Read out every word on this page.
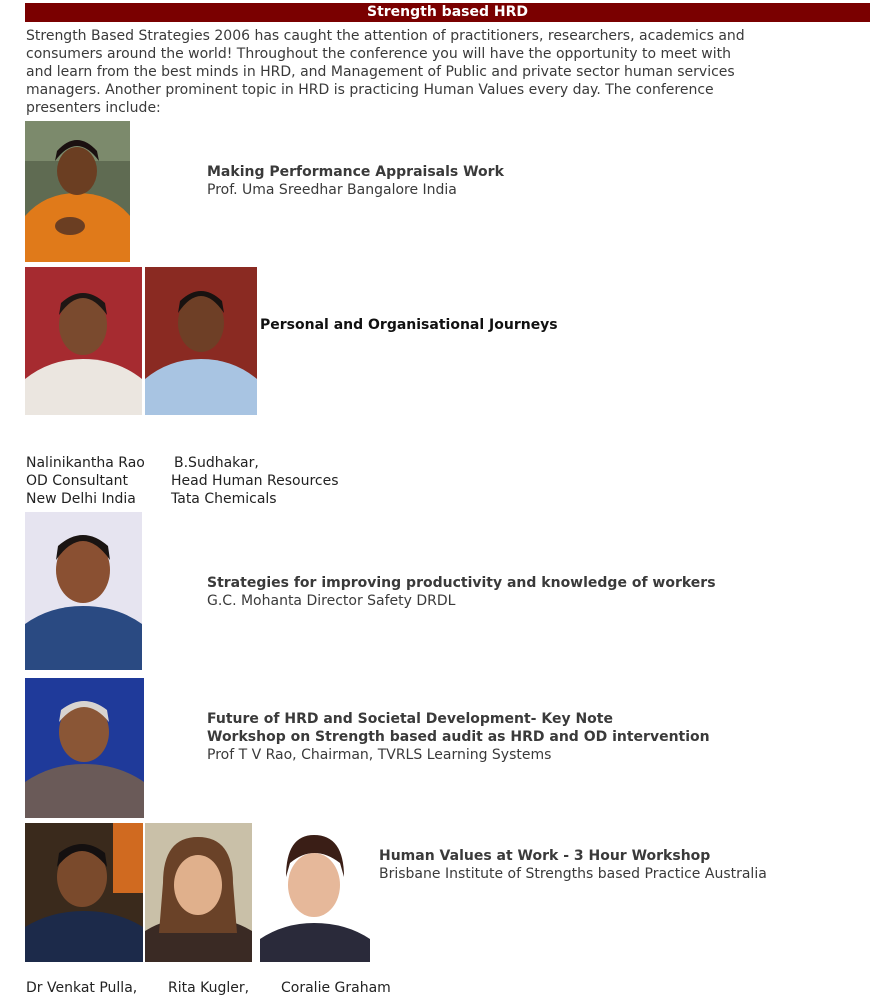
Strength based HRD

Strength Based Strategies 2006 has caught the attention of practitioners, researchers, academics and consumers around the world! Throughout the conference you will have the opportunity to meet with and learn from the best minds in HRD, and Management of Public and private sector human services managers. Another prominent topic in HRD is practicing Human Values every day. The conference presenters include:

Making Performance Appraisals Work
Prof. Uma Sreedhar Bangalore India
Personal and Organisational Journeys
Nalinikantha Rao
OD Consultant
New Delhi India
B.Sudhakar,
Head Human Resources
Tata Chemicals
Strategies for improving productivity and knowledge of workers
G.C. Mohanta Director Safety DRDL
Future of HRD and Societal Development- Key Note
Workshop on Strength based audit as HRD and OD intervention
Prof T V Rao, Chairman, TVRLS Learning Systems
Human Values at Work - 3 Hour Workshop
Brisbane Institute of Strengths based Practice Australia
Dr Venkat Pulla, Rita Kugler, Coralie Graham
